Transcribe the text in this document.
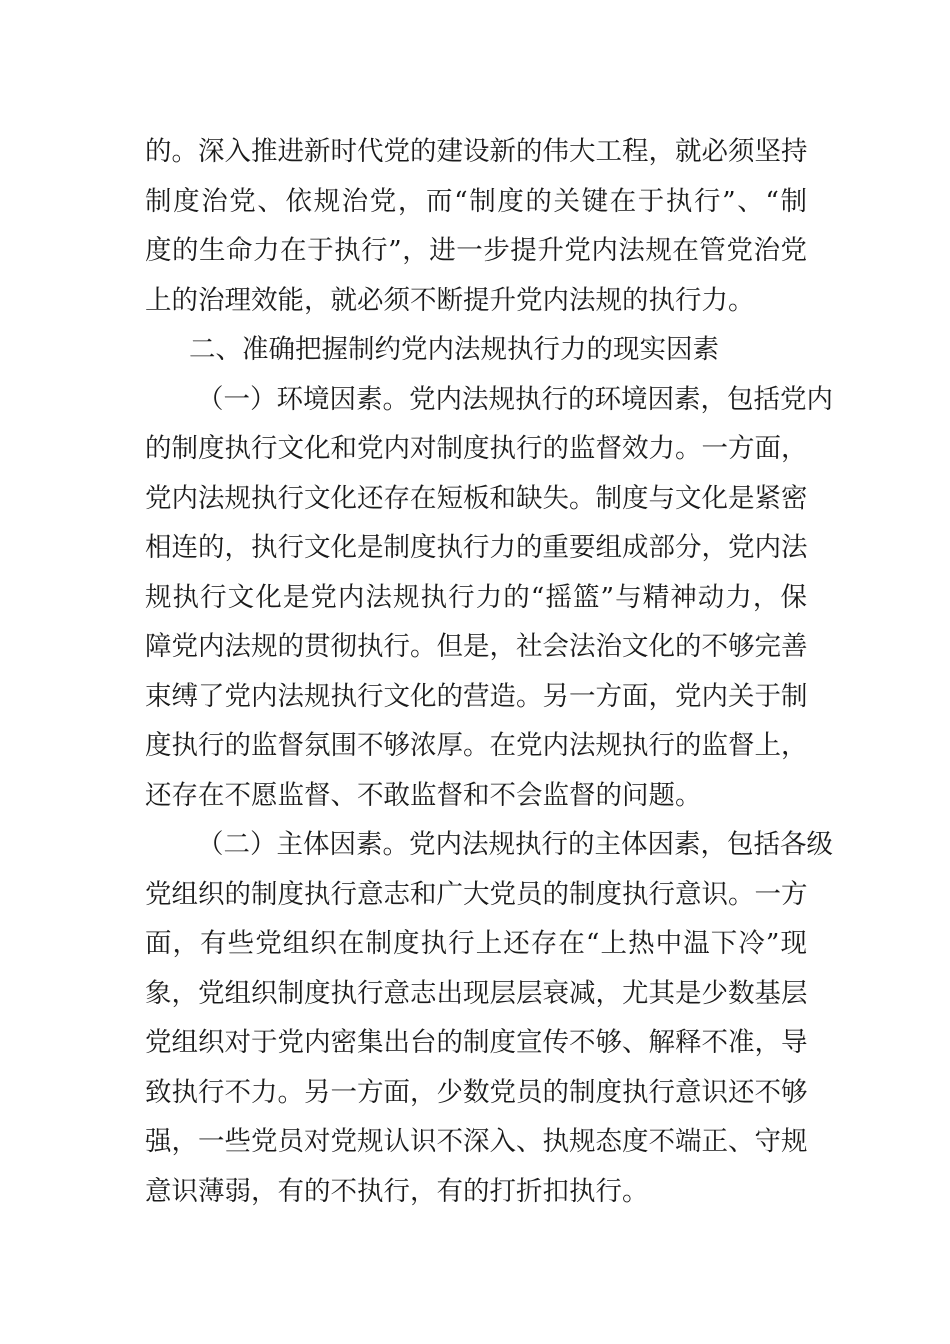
的。深入推进新时代党的建设新的伟大工程，就必须坚持
制度治党、依规治党，而“制度的关键在于执行”、“制
度的生命力在于执行”，进一步提升党内法规在管党治党
上的治理效能，就必须不断提升党内法规的执行力。
二、准确把握制约党内法规执行力的现实因素
（一）环境因素。党内法规执行的环境因素，包括党内
的制度执行文化和党内对制度执行的监督效力。一方面，
党内法规执行文化还存在短板和缺失。制度与文化是紧密
相连的，执行文化是制度执行力的重要组成部分，党内法
规执行文化是党内法规执行力的“摇篮”与精神动力，保
障党内法规的贯彻执行。但是，社会法治文化的不够完善
束缚了党内法规执行文化的营造。另一方面，党内关于制
度执行的监督氛围不够浓厚。在党内法规执行的监督上，
还存在不愿监督、不敢监督和不会监督的问题。
（二）主体因素。党内法规执行的主体因素，包括各级
党组织的制度执行意志和广大党员的制度执行意识。一方
面，有些党组织在制度执行上还存在“上热中温下冷”现
象，党组织制度执行意志出现层层衰减，尤其是少数基层
党组织对于党内密集出台的制度宣传不够、解释不准，导
致执行不力。另一方面，少数党员的制度执行意识还不够
强，一些党员对党规认识不深入、执规态度不端正、守规
意识薄弱，有的不执行，有的打折扣执行。
